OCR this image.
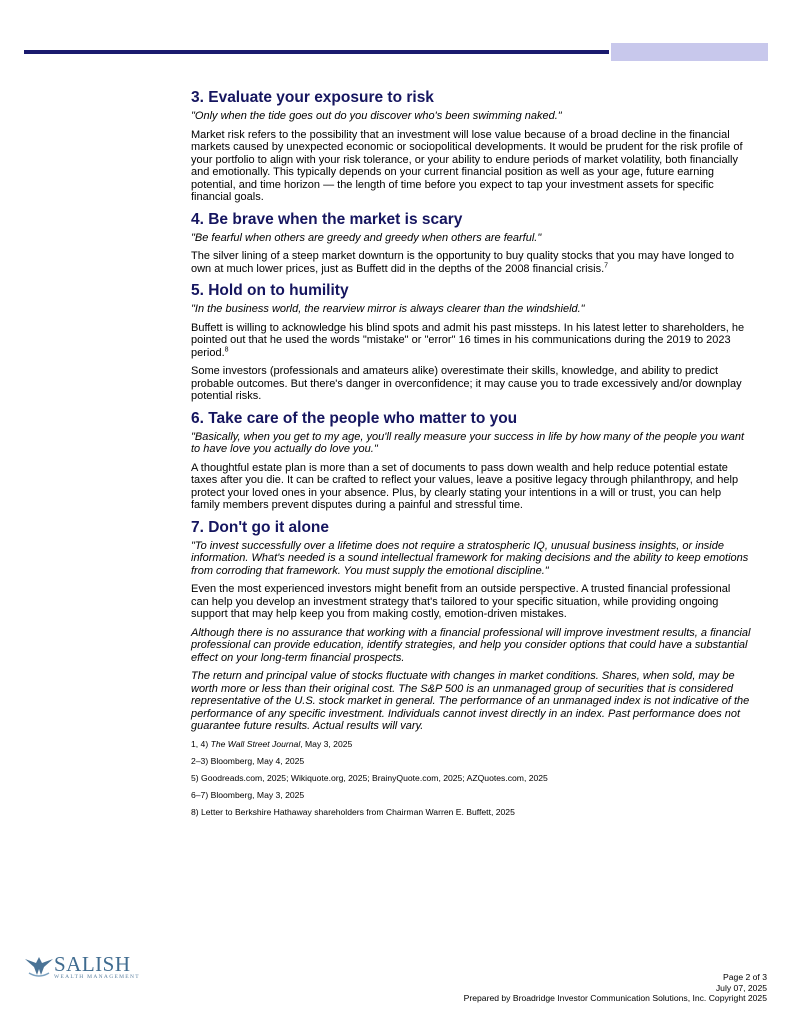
3. Evaluate your exposure to risk
"Only when the tide goes out do you discover who's been swimming naked."

Market risk refers to the possibility that an investment will lose value because of a broad decline in the financial markets caused by unexpected economic or sociopolitical developments. It would be prudent for the risk profile of your portfolio to align with your risk tolerance, or your ability to endure periods of market volatility, both financially and emotionally. This typically depends on your current financial position as well as your age, future earning potential, and time horizon — the length of time before you expect to tap your investment assets for specific financial goals.

4. Be brave when the market is scary
"Be fearful when others are greedy and greedy when others are fearful."

The silver lining of a steep market downturn is the opportunity to buy quality stocks that you may have longed to own at much lower prices, just as Buffett did in the depths of the 2008 financial crisis.$^7$

5. Hold on to humility
"In the business world, the rearview mirror is always clearer than the windshield."

Buffett is willing to acknowledge his blind spots and admit his past missteps. In his latest letter to shareholders, he pointed out that he used the words "mistake" or "error" 16 times in his communications during the 2019 to 2023 period.$^8$

Some investors (professionals and amateurs alike) overestimate their skills, knowledge, and ability to predict probable outcomes. But there's danger in overconfidence; it may cause you to trade excessively and/or downplay potential risks.

6. Take care of the people who matter to you
"Basically, when you get to my age, you'll really measure your success in life by how many of the people you want to have love you actually do love you."

A thoughtful estate plan is more than a set of documents to pass down wealth and help reduce potential estate taxes after you die. It can be crafted to reflect your values, leave a positive legacy through philanthropy, and help protect your loved ones in your absence. Plus, by clearly stating your intentions in a will or trust, you can help family members prevent disputes during a painful and stressful time.

7. Don't go it alone
"To invest successfully over a lifetime does not require a stratospheric IQ, unusual business insights, or inside information. What's needed is a sound intellectual framework for making decisions and the ability to keep emotions from corroding that framework. You must supply the emotional discipline."

Even the most experienced investors might benefit from an outside perspective. A trusted financial professional can help you develop an investment strategy that's tailored to your specific situation, while providing ongoing support that may help keep you from making costly, emotion-driven mistakes.

Although there is no assurance that working with a financial professional will improve investment results, a financial professional can provide education, identify strategies, and help you consider options that could have a substantial effect on your long-term financial prospects.

The return and principal value of stocks fluctuate with changes in market conditions. Shares, when sold, may be worth more or less than their original cost. The S&P 500 is an unmanaged group of securities that is considered representative of the U.S. stock market in general. The performance of an unmanaged index is not indicative of the performance of any specific investment. Individuals cannot invest directly in an index. Past performance does not guarantee future results. Actual results will vary.

1, 4) The Wall Street Journal, May 3, 2025
2–3) Bloomberg, May 4, 2025
5) Goodreads.com, 2025; Wikiquote.org, 2025; BrainyQuote.com, 2025; AZQuotes.com, 2025
6–7) Bloomberg, May 3, 2025
8) Letter to Berkshire Hathaway shareholders from Chairman Warren E. Buffett, 2025
SALISH
WEALTH MANAGEMENT	Page 2 of 3
July 07, 2025
Prepared by Broadridge Investor Communication Solutions, Inc. Copyright 2025
